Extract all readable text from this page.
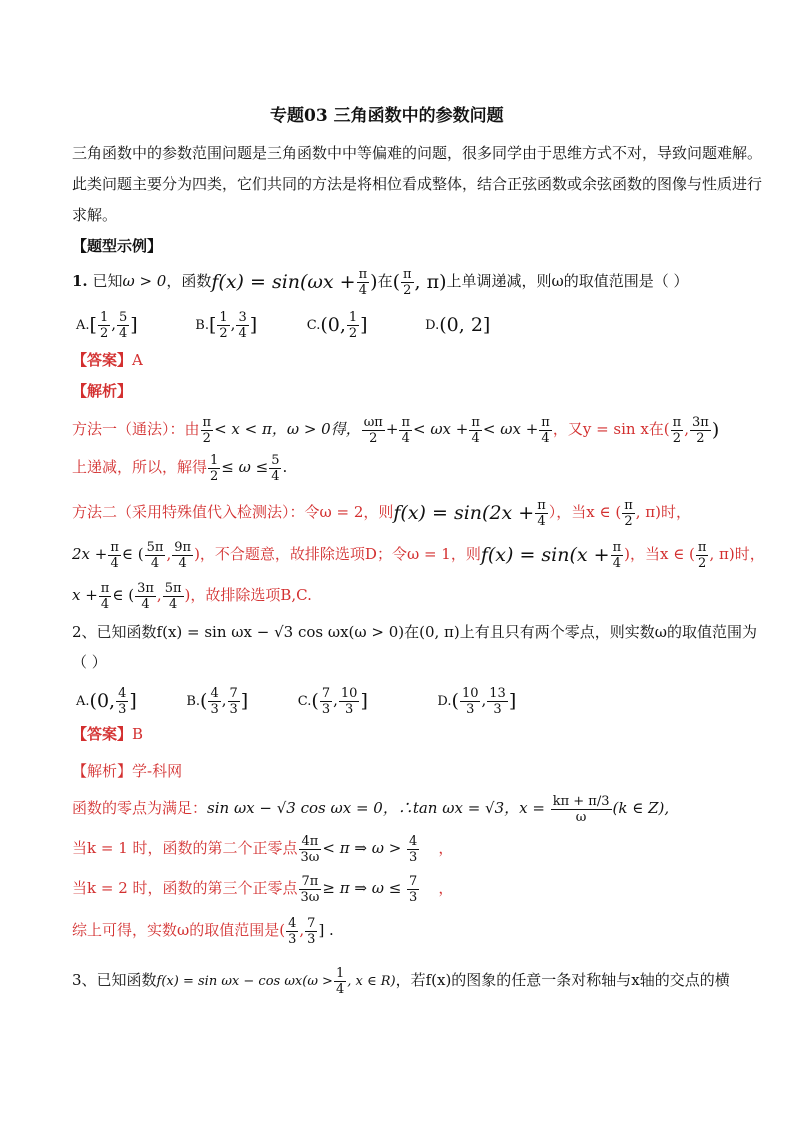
专题03 三角函数中的参数问题
三角函数中的参数范围问题是三角函数中中等偏难的问题，很多同学由于思维方式不对，导致问题难解。
此类问题主要分为四类，它们共同的方法是将相位看成整体，结合正弦函数或余弦函数的图像与性质进行
求解。
【题型示例】
1. 已知ω > 0，函数$f(x) = \sin(\omega x + \frac{\pi}{4}$ )在( $\frac{\pi}{2}$ , π)上单调递减，则ω的取值范围是（ ）
$A.[ \frac{1}{2}$ , $\frac{5}{4}$ ]	$B.[ \frac{1}{2}$ , $\frac{3}{4}$ ]	C.(0, $\frac{1}{2}$ ]	D.(0, 2]
【答案】A
【解析】
方法一（通法）：由 $\frac{\pi}{2} < x < \pi$，ω > 0得， $\frac{\omega\pi}{2} + \frac{\pi}{4} < \omega x + \frac{\pi}{4} < \omega x + \frac{\pi}{4}$ ，又y = sin x在( $\frac{\pi}{2}$ , $\frac{3\pi}{2}$ )
上递减，所以，解得 $\frac{1}{2} \le \omega \le \frac{5}{4}$ .
方法二（采用特殊值代入检测法）：令ω = 2，则$f(x) = \sin(2x + \frac{\pi}{4}$ ），当x ∈ ( $\frac{\pi}{2}$ , π)时，
$2x + \frac{\pi}{4}$ ∈ ( $\frac{5\pi}{4}$ , $\frac{9\pi}{4}$ )，不合题意，故排除选项D；令ω = 1，则$f(x) = \sin(x + \frac{\pi}{4}$ )，当x ∈ ( $\frac{\pi}{2}$ , π)时，
$x + \frac{\pi}{4}$ ∈ ( $\frac{3\pi}{4}$ , $\frac{5\pi}{4}$ )，故排除选项B,C.
2、已知函数f(x) = sin ωx − √3 cos ωx(ω > 0)在(0, π)上有且只有两个零点，则实数ω的取值范围为
（ ）
A.(0, $\frac{4}{3}$ ]	$B.( \frac{4}{3}$ , $\frac{7}{3}$ ]	$C.( \frac{7}{3}$ , $\frac{10}{3}$ ]	$D.( \frac{10}{3}$ , $\frac{13}{3}$ ]
【答案】B
【解析】学-科网
函数的零点为满足：sin ωx − √3 cos ωx = 0，∴tan ωx = √3，$x = \frac{k\pi + \pi/3}{\omega} (k$ ∈ Z),
当k = 1 时，函数的第二个正零点 $\frac{4\pi}{3\omega} < \pi$ ⇒ $\omega > \frac{4}{3}$ ，
当k = 2 时，函数的第三个正零点 $\frac{7\pi}{3\omega} \ge \pi$ ⇒ $\omega \le \frac{7}{3}$ ，
综上可得，实数ω的取值范围是( $\frac{4}{3}$ , $\frac{7}{3}$ ] .
3、已知函数$f(x) = \sin \omega x - \cos \omega x(\omega > \frac{1}{4}$ , x ∈ R)，若f(x)的图象的任意一条对称轴与x轴的交点的横
